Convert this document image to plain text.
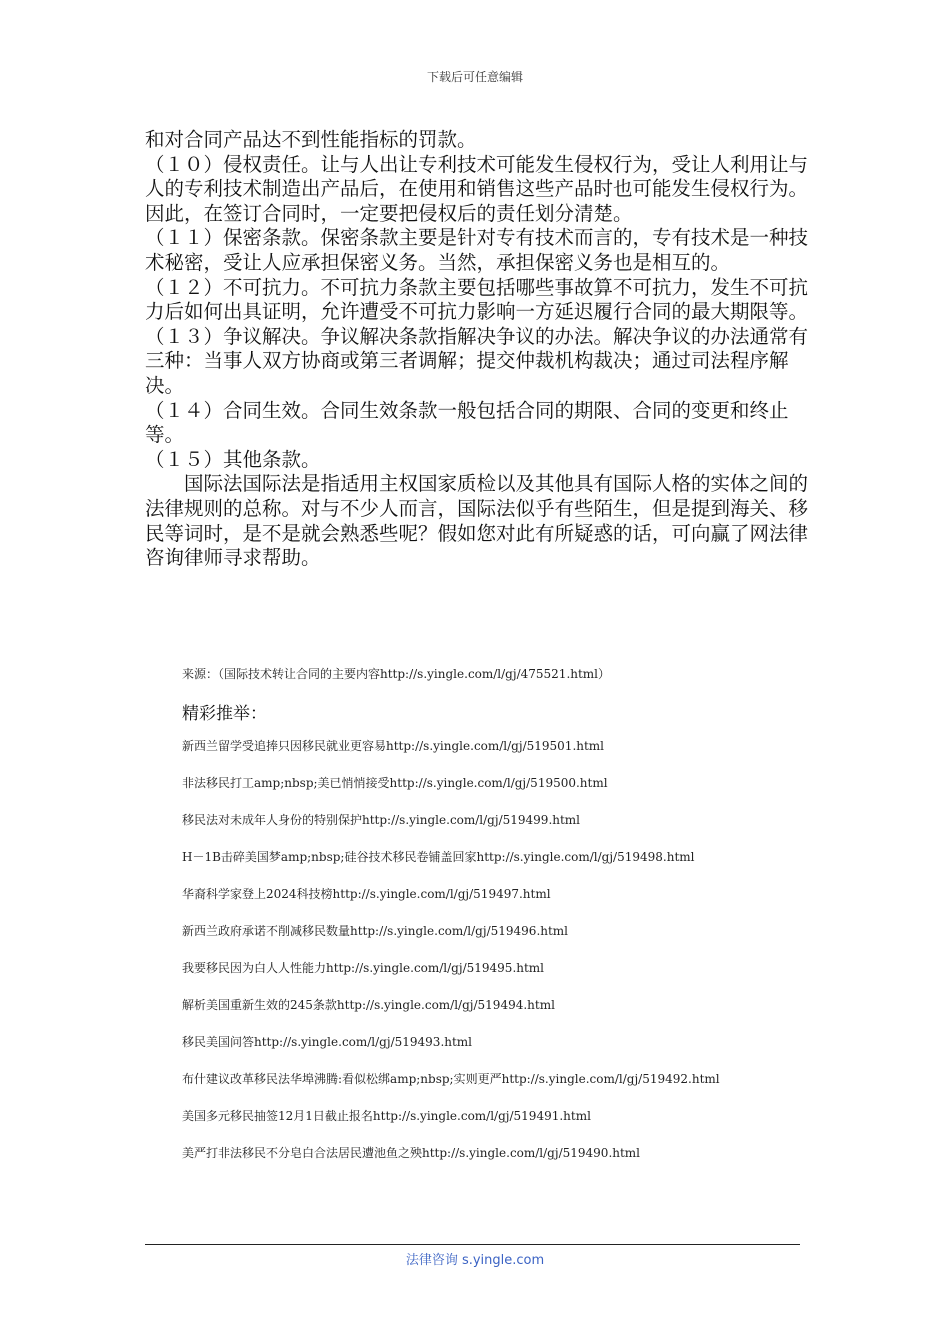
下载后可任意编辑

和对合同产品达不到性能指标的罚款。

（１０）侵权责任。让与人出让专利技术可能发生侵权行为，受让人利用让与人的专利技术制造出产品后，在使用和销售这些产品时也可能发生侵权行为。因此，在签订合同时，一定要把侵权后的责任划分清楚。

（１１）保密条款。保密条款主要是针对专有技术而言的，专有技术是一种技术秘密，受让人应承担保密义务。当然，承担保密义务也是相互的。

（１２）不可抗力。不可抗力条款主要包括哪些事故算不可抗力，发生不可抗力后如何出具证明，允许遭受不可抗力影响一方延迟履行合同的最大期限等。

（１３）争议解决。争议解决条款指解决争议的办法。解决争议的办法通常有三种：当事人双方协商或第三者调解；提交仲裁机构裁决；通过司法程序解决。

（１４）合同生效。合同生效条款一般包括合同的期限、合同的变更和终止等。

（１５）其他条款。

国际法国际法是指适用主权国家质检以及其他具有国际人格的实体之间的法律规则的总称。对与不少人而言，国际法似乎有些陌生，但是提到海关、移民等词时，是不是就会熟悉些呢？假如您对此有所疑惑的话，可向赢了网法律咨询律师寻求帮助。

来源：（国际技术转让合同的主要内容http://s.yingle.com/l/gj/475521.html）
精彩推举：
新西兰留学受追捧只因移民就业更容易http://s.yingle.com/l/gj/519501.html
非法移民打工amp;nbsp;美已悄悄接受http://s.yingle.com/l/gj/519500.html
移民法对未成年人身份的特别保护http://s.yingle.com/l/gj/519499.html
H－1B击碎美国梦amp;nbsp;硅谷技术移民卷铺盖回家http://s.yingle.com/l/gj/519498.html
华裔科学家登上2024科技榜http://s.yingle.com/l/gj/519497.html
新西兰政府承诺不削减移民数量http://s.yingle.com/l/gj/519496.html
我要移民因为白人人性能力http://s.yingle.com/l/gj/519495.html
解析美国重新生效的245条款http://s.yingle.com/l/gj/519494.html
移民美国问答http://s.yingle.com/l/gj/519493.html
布什建议改革移民法华埠沸腾:看似松绑amp;nbsp;实则更严http://s.yingle.com/l/gj/519492.html
美国多元移民抽签12月1日截止报名http://s.yingle.com/l/gj/519491.html
美严打非法移民不分皂白合法居民遭池鱼之殃http://s.yingle.com/l/gj/519490.html
法律咨询 s.yingle.com
